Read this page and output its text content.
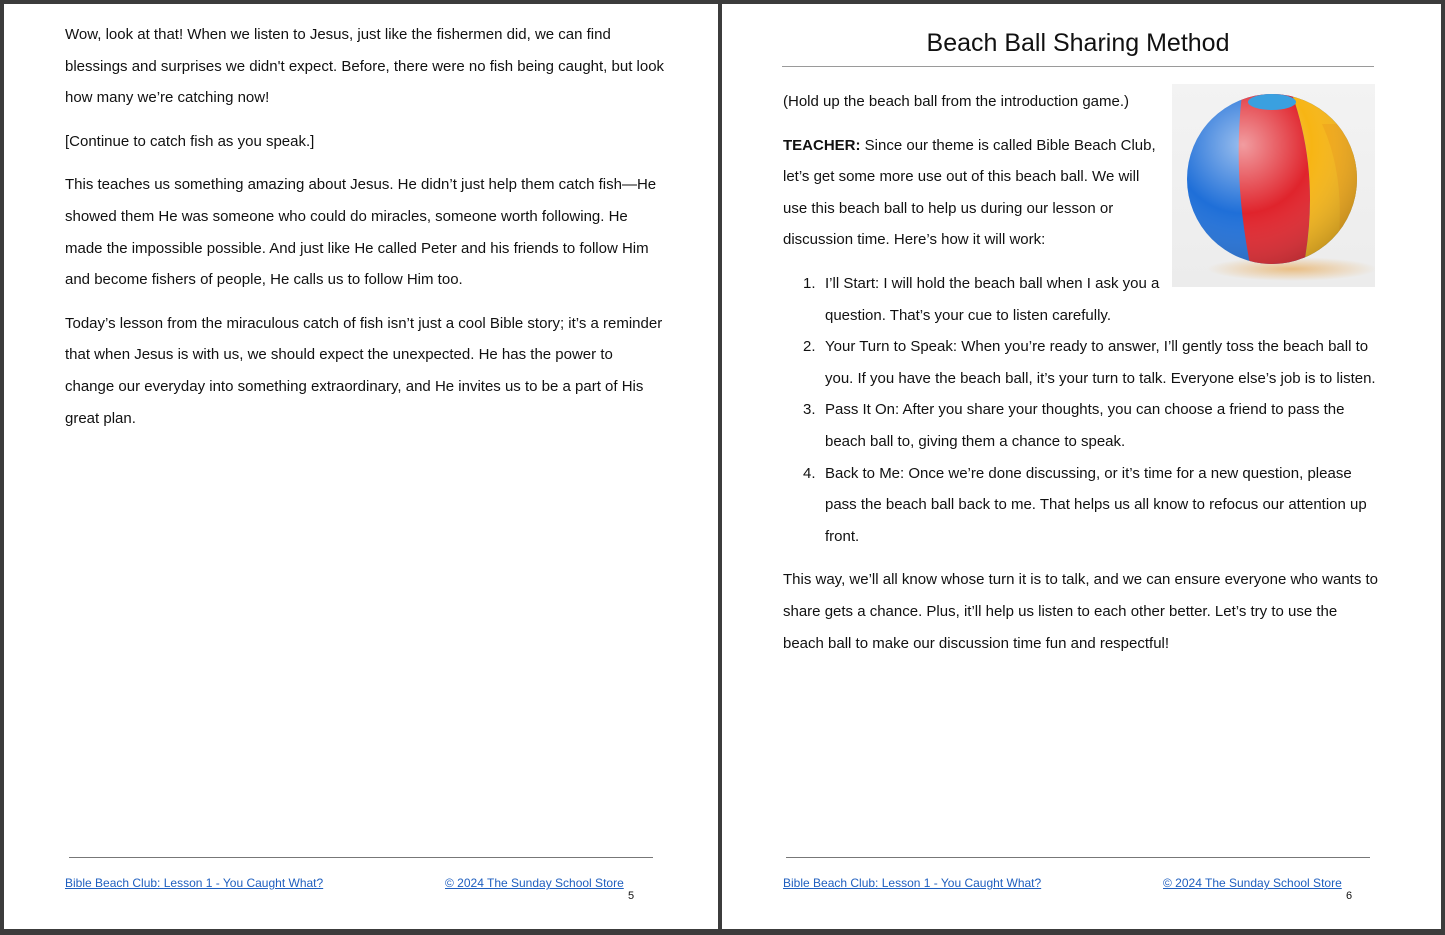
Wow, look at that! When we listen to Jesus, just like the fishermen did, we can find blessings and surprises we didn't expect. Before, there were no fish being caught, but look how many we’re catching now!

[Continue to catch fish as you speak.]

This teaches us something amazing about Jesus. He didn’t just help them catch fish—He showed them He was someone who could do miracles, someone worth following. He made the impossible possible. And just like He called Peter and his friends to follow Him and become fishers of people, He calls us to follow Him too.

Today’s lesson from the miraculous catch of fish isn’t just a cool Bible story; it’s a reminder that when Jesus is with us, we should expect the unexpected. He has the power to change our everyday into something extraordinary, and He invites us to be a part of His great plan.

Bible Beach Club: Lesson 1 - You Caught What?	© 2024 The Sunday School Store
5
Beach Ball Sharing Method

(Hold up the beach ball from the introduction game.)

TEACHER: Since our theme is called Bible Beach Club, let’s get some more use out of this beach ball. We will use this beach ball to help us during our lesson or discussion time. Here’s how it will work:

1. I’ll Start: I will hold the beach ball when I ask you a question. That’s your cue to listen carefully.
2. Your Turn to Speak: When you’re ready to answer, I’ll gently toss the beach ball to you. If you have the beach ball, it’s your turn to talk. Everyone else’s job is to listen.
3. Pass It On: After you share your thoughts, you can choose a friend to pass the beach ball to, giving them a chance to speak.
4. Back to Me: Once we’re done discussing, or it’s time for a new question, please pass the beach ball back to me. That helps us all know to refocus our attention up front.

This way, we’ll all know whose turn it is to talk, and we can ensure everyone who wants to share gets a chance. Plus, it’ll help us listen to each other better. Let’s try to use the beach ball to make our discussion time fun and respectful!

Bible Beach Club: Lesson 1 - You Caught What?	© 2024 The Sunday School Store
6
